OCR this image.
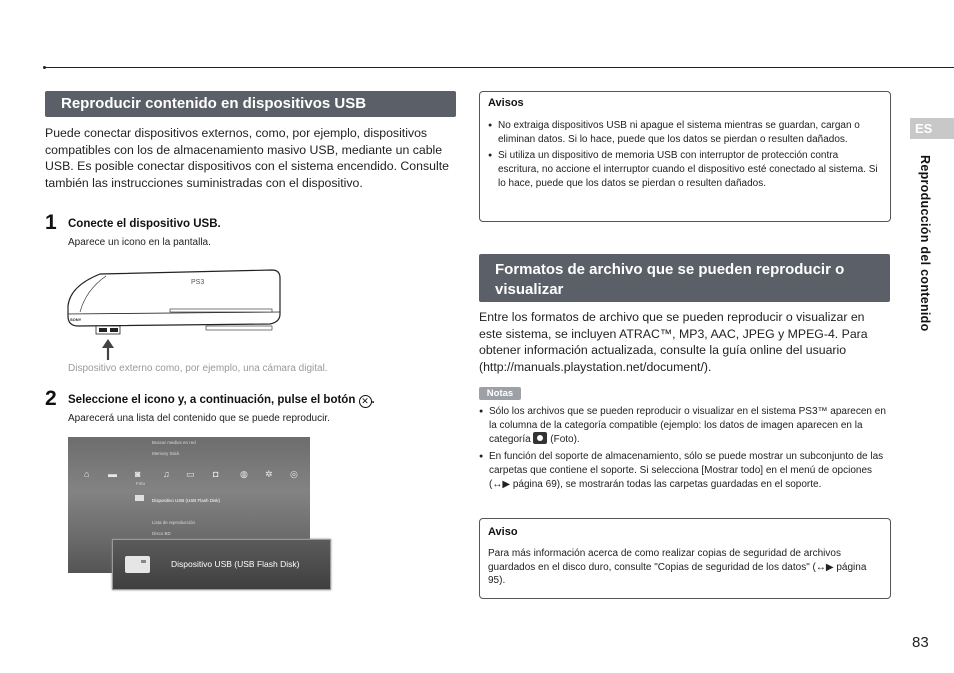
Reproducir contenido en dispositivos USB

Puede conectar dispositivos externos, como, por ejemplo, dispositivos compatibles con los de almacenamiento masivo USB, mediante un cable USB. Es posible conectar dispositivos con el sistema encendido. Consulte también las instrucciones suministradas con el dispositivo.

1 Conecte el dispositivo USB.

Aparece un icono en la pantalla.

PS3
SONY

Dispositivo externo como, por ejemplo, una cámara digital.

2 Seleccione el icono y, a continuación, pulse el botón ✕ .

Aparecerá una lista del contenido que se puede reproducir.

Buscar medios en red
Memory Stick
⌂ ▬ ◙	♫ ▭ ◘ ◍ ✲ ◎
Foto
Dispositivo USB (USB Flash Disk)
Lista de reproducción
Disco BD
Dispositivo USB (USB Flash Disk)
Avisos
● No extraiga dispositivos USB ni apague el sistema mientras se guardan, cargan o eliminan datos. Si lo hace, puede que los datos se pierdan o resulten dañados.
● Si utiliza un dispositivo de memoria USB con interruptor de protección contra escritura, no accione el interruptor cuando el dispositivo esté conectado al sistema. Si lo hace, puede que los datos se pierdan o resulten dañados.
Formatos de archivo que se pueden reproducir o visualizar

Entre los formatos de archivo que se pueden reproducir o visualizar en este sistema, se incluyen ATRAC™, MP3, AAC, JPEG y MPEG-4. Para obtener información actualizada, consulte la guía online del usuario (http://manuals.playstation.net/document/).

Notas
● Sólo los archivos que se pueden reproducir o visualizar en el sistema PS3™ aparecen en la columna de la categoría compatible (ejemplo: los datos de imagen aparecen en la categoría (Foto).
● En función del soporte de almacenamiento, sólo se puede mostrar un subconjunto de las carpetas que contiene el soporte. Si selecciona [Mostrar todo] en el menú de opciones (↔▶ página 69), se mostrarán todas las carpetas guardadas en el soporte.
Aviso

Para más información acerca de como realizar copias de seguridad de archivos guardados en el disco duro, consulte "Copias de seguridad de los datos" (↔▶ página 95).

ES
Reproducción del contenido
83
